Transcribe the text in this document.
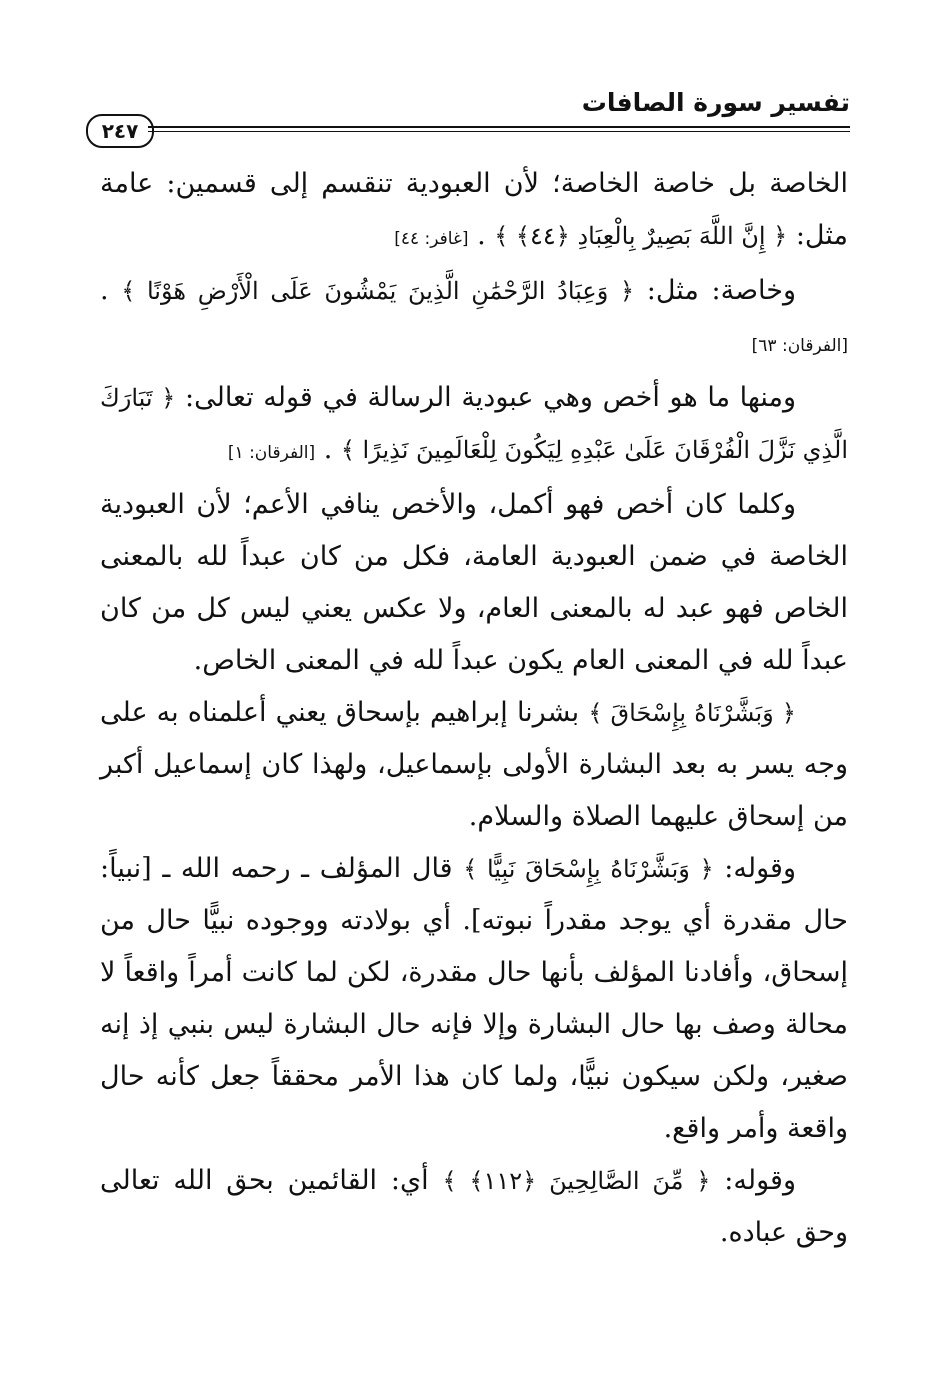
تفسير سورة الصافات
٢٤٧

الخاصة بل خاصة الخاصة؛ لأن العبودية تنقسم إلى قسمين: عامة مثل: ﴿ إِنَّ اللَّهَ بَصِيرٌ بِالْعِبَادِ ﴿٤٤﴾ ﴾ . [غافر: ٤٤]

وخاصة: مثل: ﴿ وَعِبَادُ الرَّحْمَٰنِ الَّذِينَ يَمْشُونَ عَلَى الْأَرْضِ هَوْنًا ﴾ . [الفرقان: ٦٣]

ومنها ما هو أخص وهي عبودية الرسالة في قوله تعالى: ﴿ تَبَارَكَ الَّذِي نَزَّلَ الْفُرْقَانَ عَلَىٰ عَبْدِهِ لِيَكُونَ لِلْعَالَمِينَ نَذِيرًا ﴾ . [الفرقان: ١]

وكلما كان أخص فهو أكمل، والأخص ينافي الأعم؛ لأن العبودية الخاصة في ضمن العبودية العامة، فكل من كان عبداً لله بالمعنى الخاص فهو عبد له بالمعنى العام، ولا عكس يعني ليس كل من كان عبداً لله في المعنى العام يكون عبداً لله في المعنى الخاص.

﴿ وَبَشَّرْنَاهُ بِإِسْحَاقَ ﴾ بشرنا إبراهيم بإسحاق يعني أعلمناه به على وجه يسر به بعد البشارة الأولى بإسماعيل، ولهذا كان إسماعيل أكبر من إسحاق عليهما الصلاة والسلام.

وقوله: ﴿ وَبَشَّرْنَاهُ بِإِسْحَاقَ نَبِيًّا ﴾ قال المؤلف ـ رحمه الله ـ [نبياً: حال مقدرة أي يوجد مقدراً نبوته]. أي بولادته ووجوده نبيًّا حال من إسحاق، وأفادنا المؤلف بأنها حال مقدرة، لكن لما كانت أمراً واقعاً لا محالة وصف بها حال البشارة وإلا فإنه حال البشارة ليس بنبي إذ إنه صغير، ولكن سيكون نبيًّا، ولما كان هذا الأمر محققاً جعل كأنه حال واقعة وأمر واقع.

وقوله: ﴿ مِّنَ الصَّالِحِينَ ﴿١١٢﴾ ﴾ أي: القائمين بحق الله تعالى وحق عباده.
